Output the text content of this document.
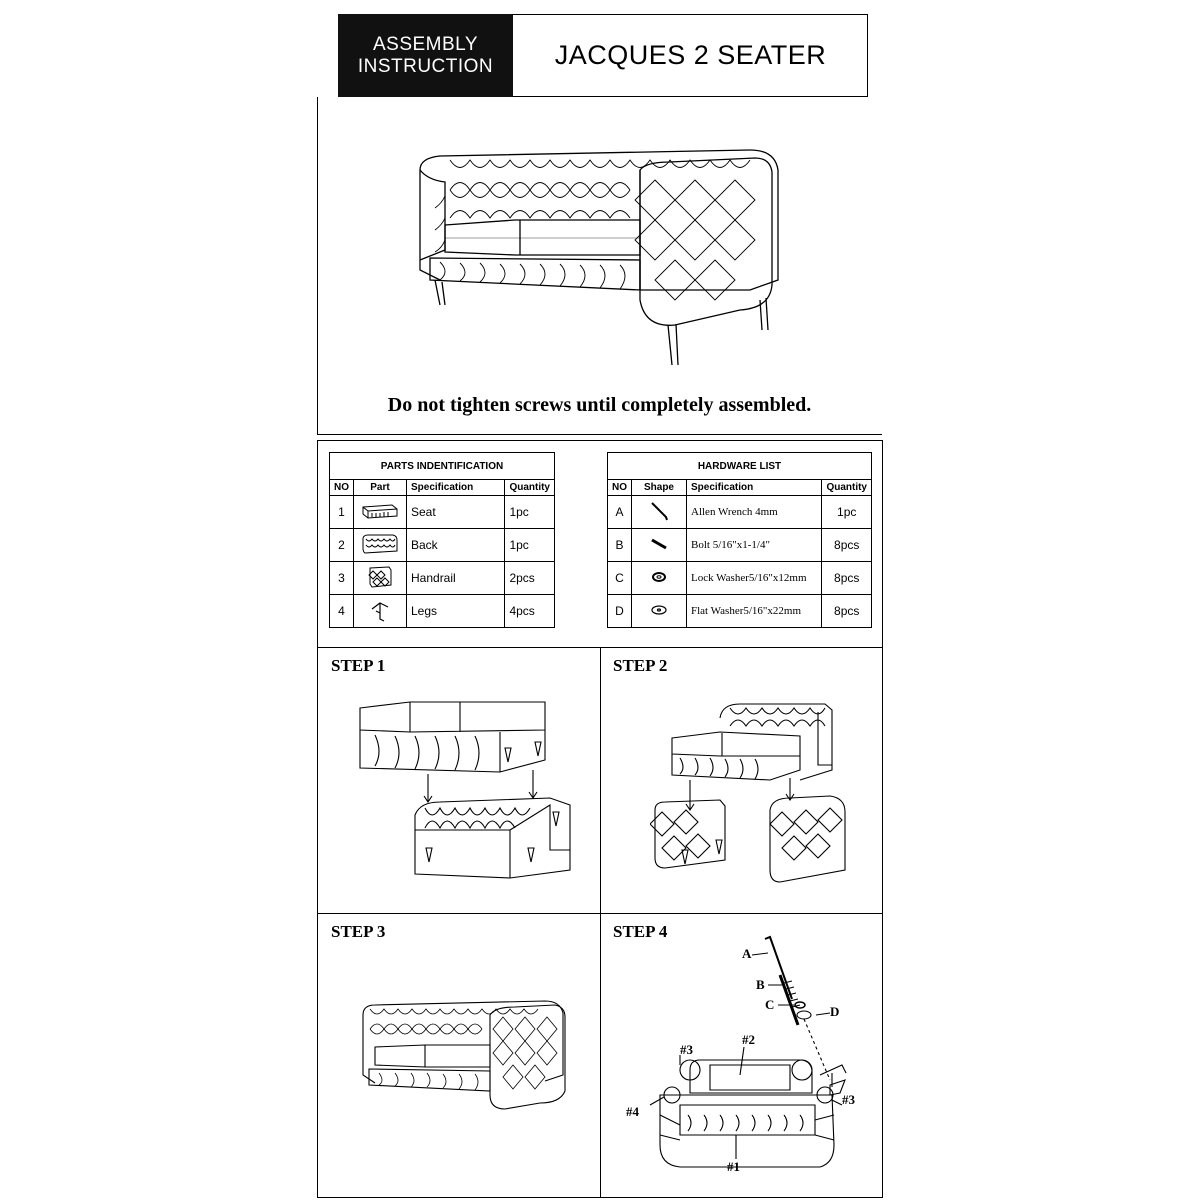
ASSEMBLY
INSTRUCTION	JACQUES 2 SEATER
Do not tighten screws until completely assembled.
PARTS INDENTIFICATION			
NO	Part	Specification	Quantity
1		Seat	1pc
2		Back	1pc
3		Handrail	2pcs
4		Legs	4pcs
HARDWARE LIST			
NO	Shape	Specification	Quantity
A		Allen Wrench 4mm	1pc
B		Bolt 5/16"x1-1/4"	8pcs
C		Lock Washer5/16"x12mm	8pcs
D		Flat Washer5/16"x22mm	8pcs
STEP 1	STEP 2
STEP 3	STEP 4
A
B
C	D
#2
#3
#3
#4
#1
